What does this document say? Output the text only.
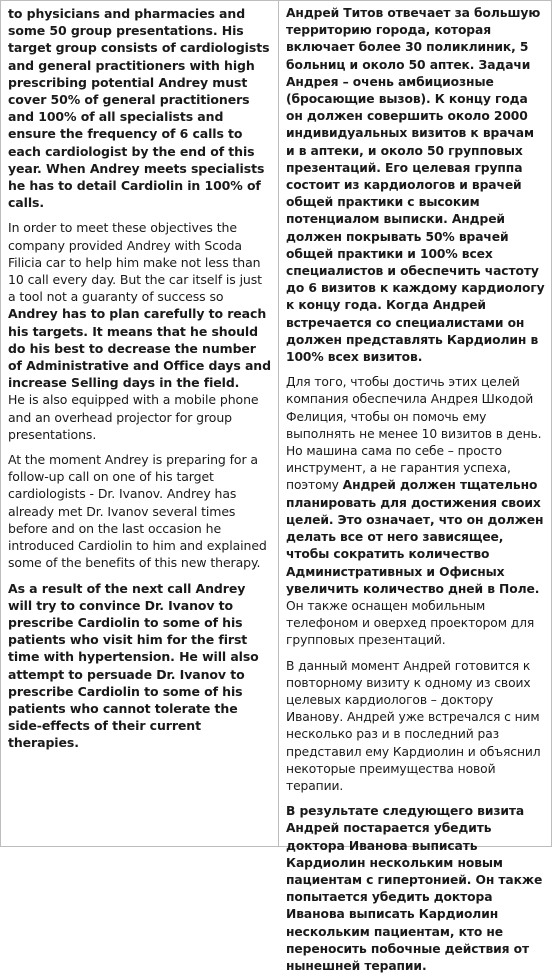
to physicians and pharmacies and some 50 group presentations. His target group consists of cardiologists and general practitioners with high prescribing potential Andrey must cover 50% of general practitioners and 100% of all specialists and ensure the frequency of 6 calls to each cardiologist by the end of this year. When Andrey meets specialists he has to detail Cardiolin in 100% of calls.

In order to meet these objectives the company provided Andrey with Scoda Filicia car to help him make not less than 10 call every day. But the car itself is just a tool not a guaranty of success so Andrey has to plan carefully to reach his targets. It means that he should do his best to decrease the number of Administrative and Office days and increase Selling days in the field.
He is also equipped with a mobile phone and an overhead projector for group presentations.

At the moment Andrey is preparing for a follow-up call on one of his target cardiologists - Dr. Ivanov. Andrey has already met Dr. Ivanov several times before and on the last occasion he introduced Cardiolin to him and explained some of the benefits of this new therapy.

As a result of the next call Andrey will try to convince Dr. Ivanov to prescribe Cardiolin to some of his patients who visit him for the first time with hypertension. He will also attempt to persuade Dr. Ivanov to prescribe Cardiolin to some of his patients who cannot tolerate the side-effects of their current therapies.

Андрей Титов отвечает за большую территорию города, которая включает более 30 поликлиник, 5 больниц и около 50 аптек. Задачи Андрея – очень амбициозные (бросающие вызов). К концу года он должен совершить около 2000 индивидуальных визитов к врачам и в аптеки, и около 50 групповых презентаций. Его целевая группа состоит из кардиологов и врачей общей практики с высоким потенциалом выписки. Андрей должен покрывать 50% врачей общей практики и 100% всех специалистов и обеспечить частоту до 6 визитов к каждому кардиологу к концу года. Когда Андрей встречается со специалистами он должен представлять Кардиолин в 100% всех визитов.

Для того, чтобы достичь этих целей компания обеспечила Андрея Шкодой Фелиция, чтобы он помочь ему выполнять не менее 10 визитов в день. Но машина сама по себе – просто инструмент, а не гарантия успеха, поэтому Андрей должен тщательно планировать для достижения своих целей. Это означает, что он должен делать все от него зависящее, чтобы сократить количество Административных и Офисных увеличить количество дней в Поле. Он также оснащен мобильным телефоном и оверхед проектором для групповых презентаций.

В данный момент Андрей готовится к повторному визиту к одному из своих целевых кардиологов – доктору Иванову. Андрей уже встречался с ним несколько раз и в последний раз представил ему Кардиолин и объяснил некоторые преимущества новой терапии.

В результате следующего визита Андрей постарается убедить доктора Иванова выписать Кардиолин нескольким новым пациентам с гипертонией. Он также попытается убедить доктора Иванова выписать Кардиолин нескольким пациентам, кто не переносить побочные действия от нынешней терапии.
